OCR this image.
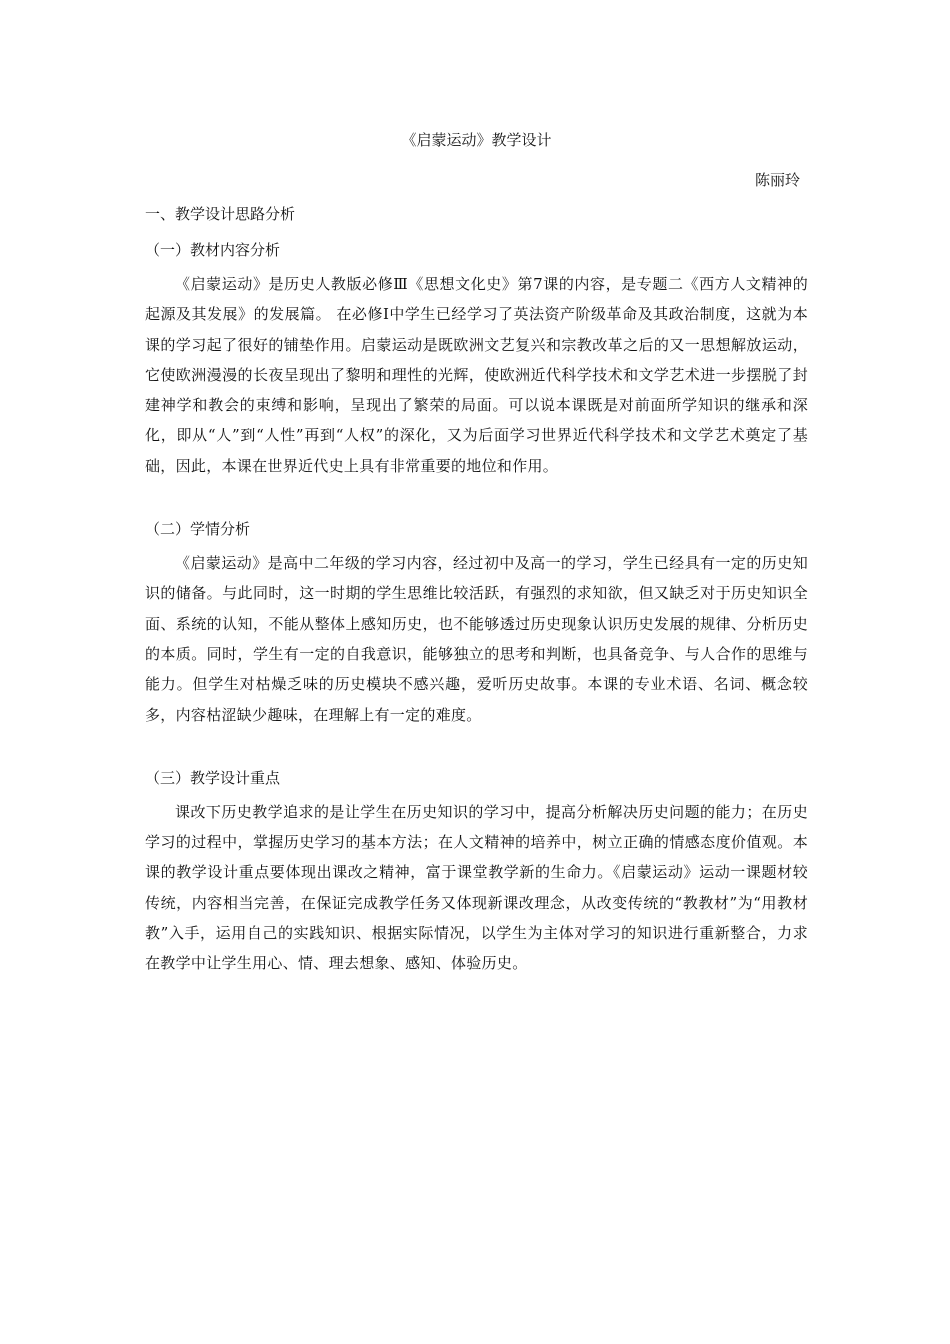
《启蒙运动》教学设计
陈丽玲
一、教学设计思路分析
（一）教材内容分析

《启蒙运动》是历史人教版必修Ⅲ《思想文化史》第7课的内容，是专题二《西方人文精神的起源及其发展》的发展篇。 在必修Ⅰ中学生已经学习了英法资产阶级革命及其政治制度，这就为本课的学习起了很好的铺垫作用。启蒙运动是既欧洲文艺复兴和宗教改革之后的又一思想解放运动，它使欧洲漫漫的长夜呈现出了黎明和理性的光辉，使欧洲近代科学技术和文学艺术进一步摆脱了封建神学和教会的束缚和影响，呈现出了繁荣的局面。可以说本课既是对前面所学知识的继承和深化，即从“人”到“人性”再到“人权”的深化，又为后面学习世界近代科学技术和文学艺术奠定了基础，因此，本课在世界近代史上具有非常重要的地位和作用。

（二）学情分析

《启蒙运动》是高中二年级的学习内容，经过初中及高一的学习，学生已经具有一定的历史知识的储备。与此同时，这一时期的学生思维比较活跃，有强烈的求知欲，但又缺乏对于历史知识全面、系统的认知，不能从整体上感知历史，也不能够透过历史现象认识历史发展的规律、分析历史的本质。同时，学生有一定的自我意识，能够独立的思考和判断，也具备竞争、与人合作的思维与能力。但学生对枯燥乏味的历史模块不感兴趣，爱听历史故事。本课的专业术语、名词、概念较多，内容枯涩缺少趣味，在理解上有一定的难度。

（三）教学设计重点

课改下历史教学追求的是让学生在历史知识的学习中，提高分析解决历史问题的能力；在历史学习的过程中，掌握历史学习的基本方法；在人文精神的培养中，树立正确的情感态度价值观。本课的教学设计重点要体现出课改之精神，富于课堂教学新的生命力。《启蒙运动》运动一课题材较传统，内容相当完善，在保证完成教学任务又体现新课改理念，从改变传统的“教教材”为“用教材教”入手，运用自己的实践知识、根据实际情况，以学生为主体对学习的知识进行重新整合，力求在教学中让学生用心、情、理去想象、感知、体验历史。
